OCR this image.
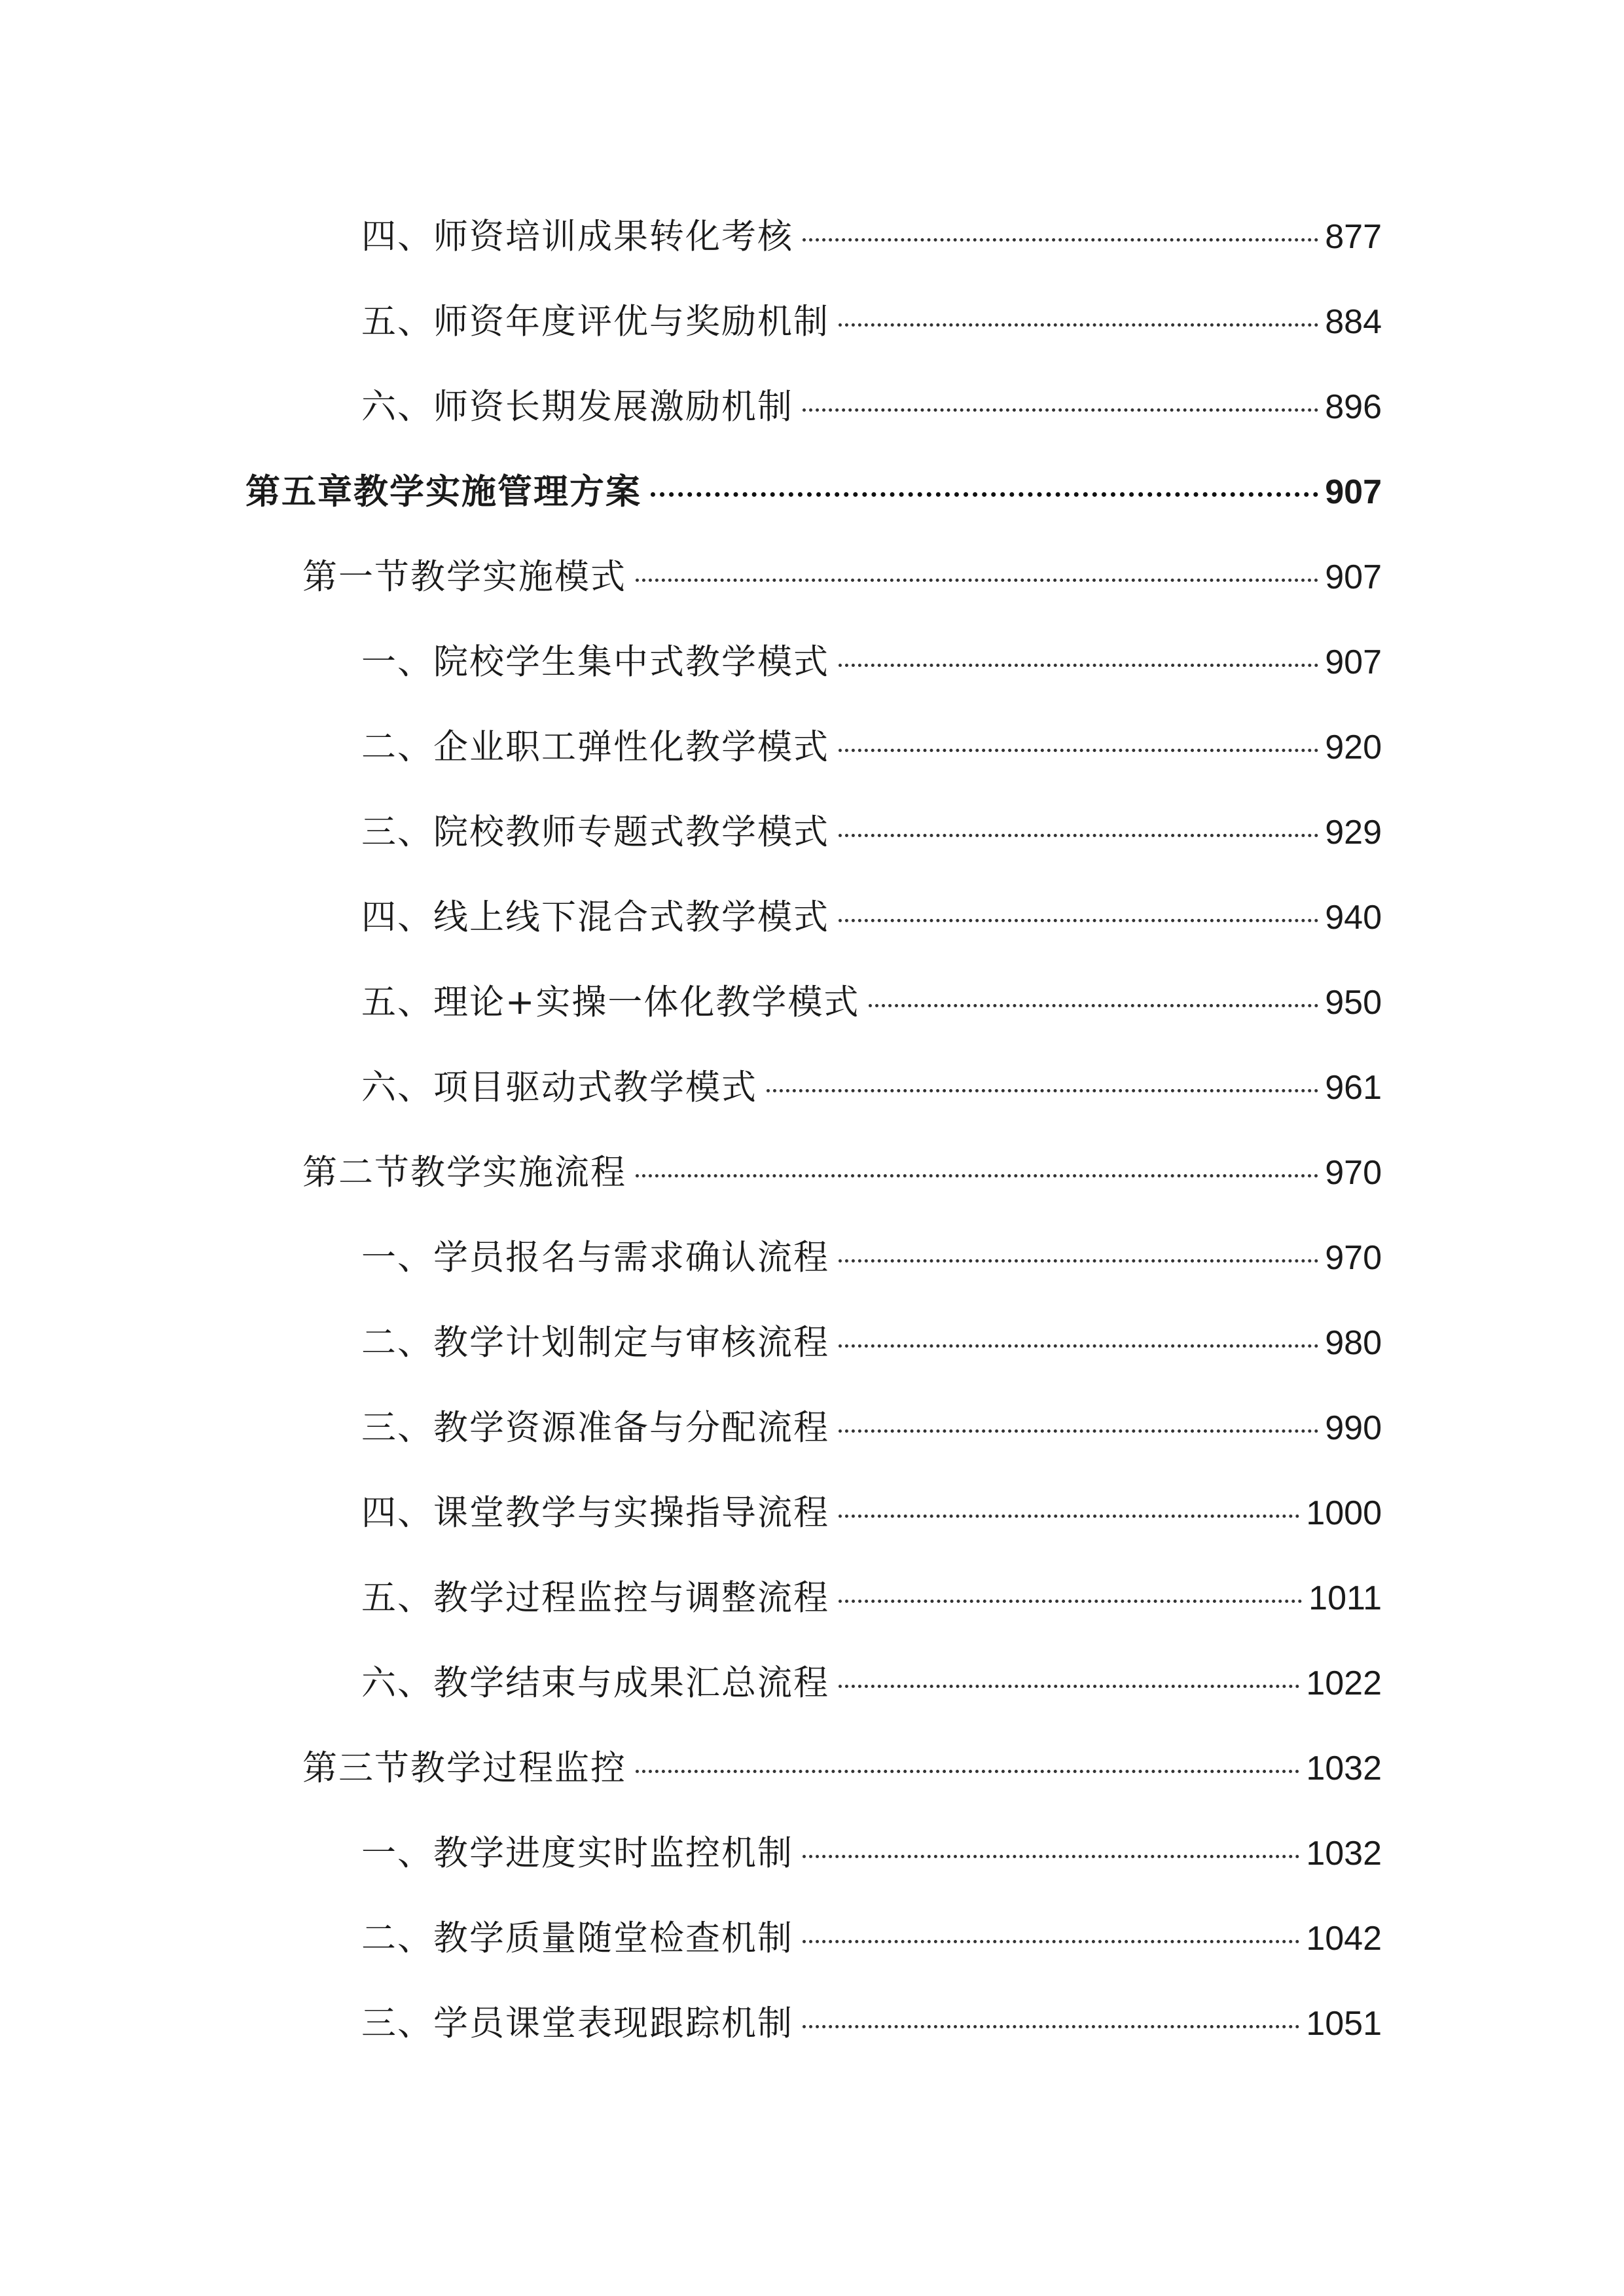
四、师资培训成果转化考核	877
五、师资年度评优与奖励机制	884
六、师资长期发展激励机制	896
第五章教学实施管理方案	907
第一节教学实施模式	907
一、院校学生集中式教学模式	907
二、企业职工弹性化教学模式	920
三、院校教师专题式教学模式	929
四、线上线下混合式教学模式	940
五、理论+实操一体化教学模式	950
六、项目驱动式教学模式	961
第二节教学实施流程	970
一、学员报名与需求确认流程	970
二、教学计划制定与审核流程	980
三、教学资源准备与分配流程	990
四、课堂教学与实操指导流程	1000
五、教学过程监控与调整流程	1011
六、教学结束与成果汇总流程	1022
第三节教学过程监控	1032
一、教学进度实时监控机制	1032
二、教学质量随堂检查机制	1042
三、学员课堂表现跟踪机制	1051
